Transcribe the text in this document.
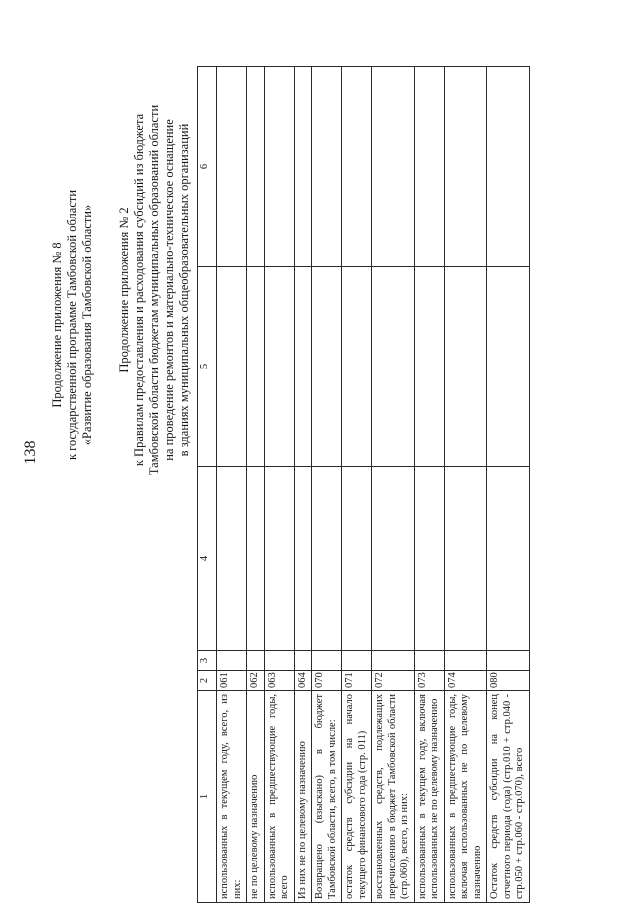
138
Продолжение приложения № 8 к государственной программе Тамбовской области «Развитие образования Тамбовской области» Продолжение приложения № 2 к Правилам предоставления и расходования субсидий из бюджета Тамбовской области бюджетам муниципальных образований области на проведение ремонтов и материально-техническое оснащение в зданиях муниципальных общеобразовательных организаций
1	2	3	4	5	6
использованных в текущем году, всего, из них:	061				
не по целевому назначению	062				
использованных в предшествующие годы, всего	063				
Из них не по целевому назначению	064				
Возвращено (взыскано) в бюджет Тамбовской области, всего, в том числе:	070				
остаток средств субсидии на начало текущего финансового года (стр. 011)	071				
восстановленных средств, подлежащих перечислению в бюджет Тамбовской области (стр.060), всего, из них:	072				
использованных в текущем году, включая использованных не по целевому назначению	073				
использованных в предшествующие годы, включая использованных не по целевому назначению	074				
Остаток средств субсидии на конец отчетного периода (года) (стр.010 + стр.040 - стр.050 + стр.060 - стр.070), всего	080				
